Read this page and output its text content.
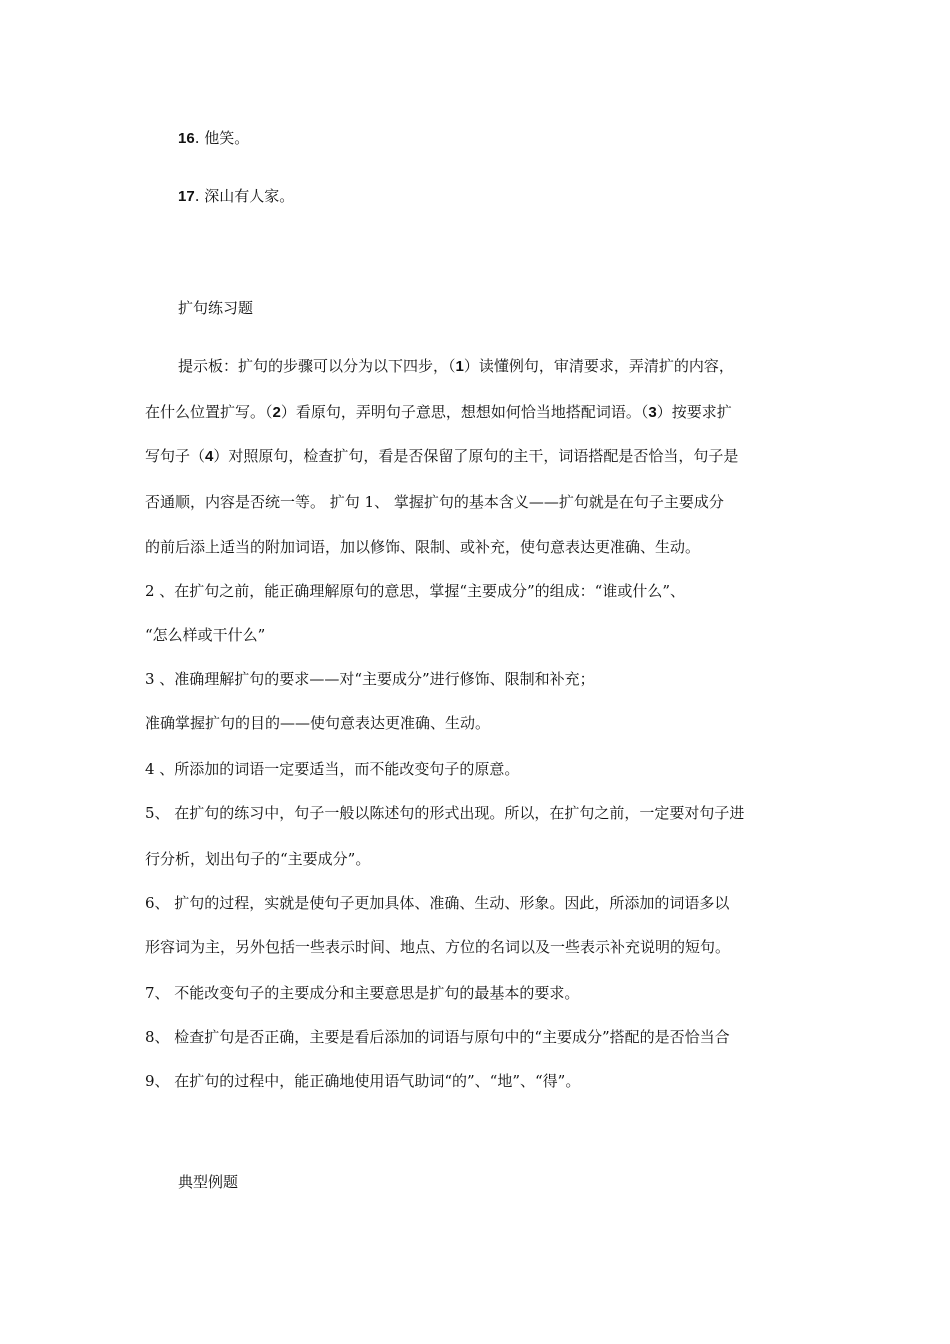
16. 他笑。
17. 深山有人家。
扩句练习题
提示板：扩句的步骤可以分为以下四步，（1）读懂例句，审清要求，弄清扩的内容，
在什么位置扩写。（2）看原句，弄明句子意思，想想如何恰当地搭配词语。（3）按要求扩
写句子（4）对照原句，检查扩句，看是否保留了原句的主干，词语搭配是否恰当，句子是
否通顺，内容是否统一等。 扩句 1、 掌握扩句的基本含义——扩句就是在句子主要成分
的前后添上适当的附加词语，加以修饰、限制、或补充，使句意表达更准确、生动。
2 、在扩句之前，能正确理解原句的意思，掌握“主要成分”的组成：“谁或什么”、
“怎么样或干什么”
3 、准确理解扩句的要求——对“主要成分”进行修饰、限制和补充；
准确掌握扩句的目的——使句意表达更准确、生动。
4 、所添加的词语一定要适当，而不能改变句子的原意。
5、 在扩句的练习中，句子一般以陈述句的形式出现。所以，在扩句之前，一定要对句子进
行分析，划出句子的“主要成分”。
6、 扩句的过程，实就是使句子更加具体、准确、生动、形象。因此，所添加的词语多以
形容词为主，另外包括一些表示时间、地点、方位的名词以及一些表示补充说明的短句。
7、 不能改变句子的主要成分和主要意思是扩句的最基本的要求。
8、 检查扩句是否正确，主要是看后添加的词语与原句中的“主要成分”搭配的是否恰当合
9、 在扩句的过程中，能正确地使用语气助词“的”、“地”、“得”。
典型例题
